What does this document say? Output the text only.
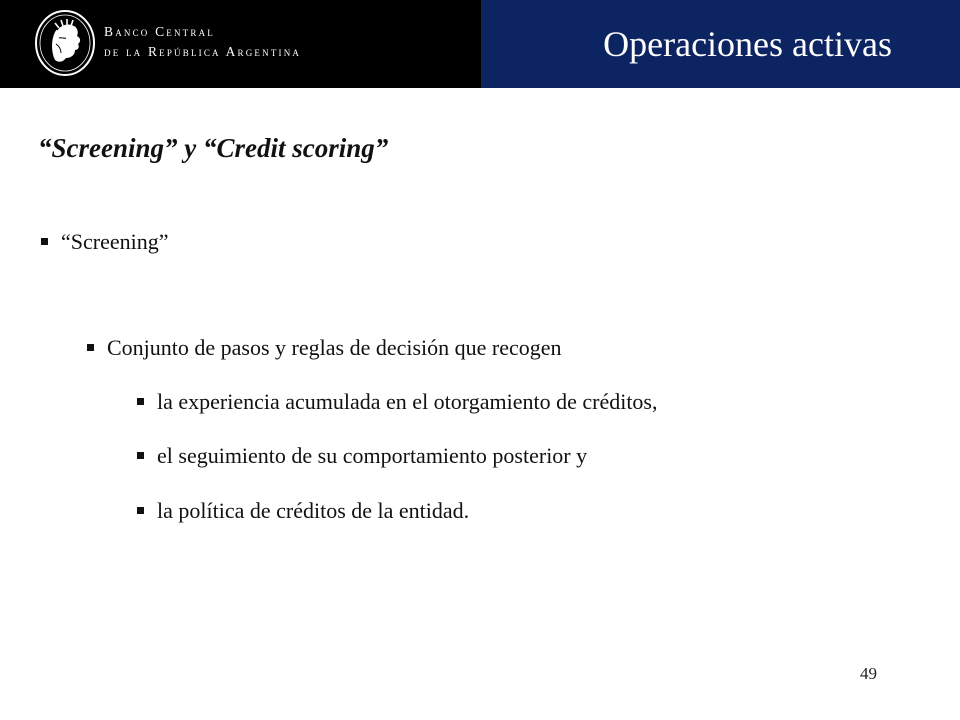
Banco Central
de la República Argentina	Operaciones activas
“Screening” y “Credit scoring”
“Screening”
Conjunto de pasos y reglas de decisión que recogen
la experiencia acumulada en el otorgamiento de créditos,
el seguimiento de su comportamiento posterior y
la política de créditos de la entidad.
49
